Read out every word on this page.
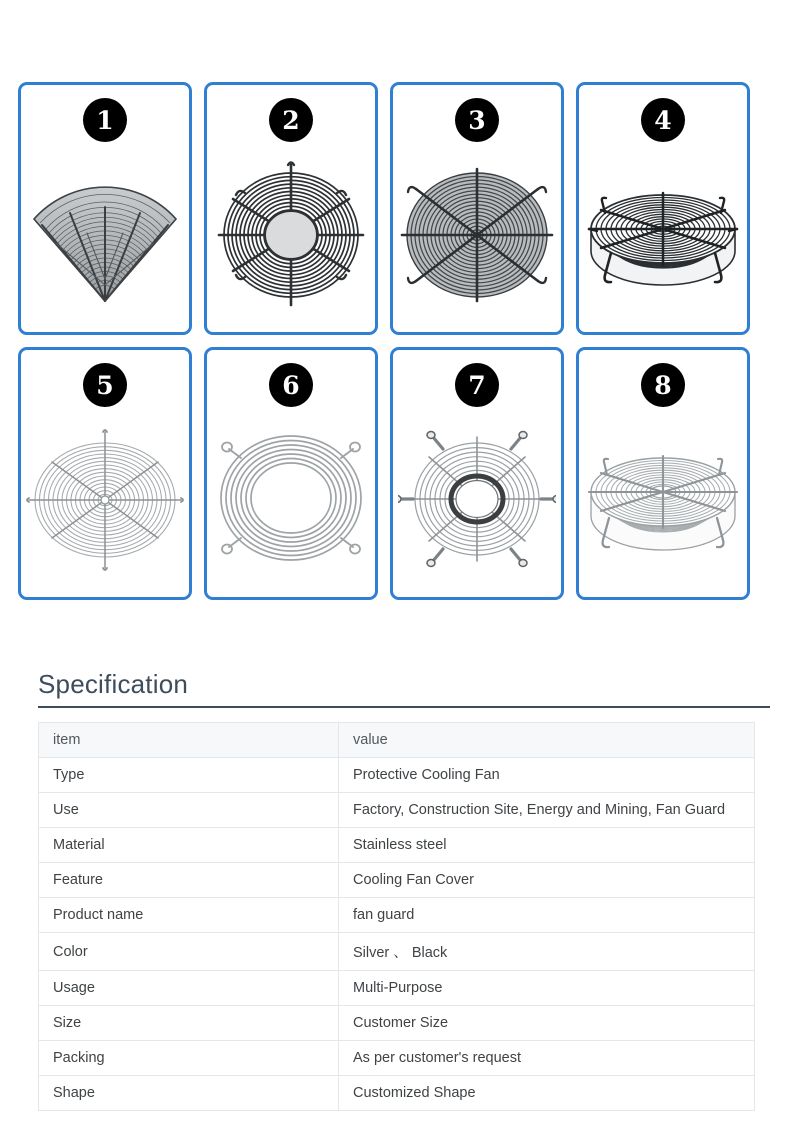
1	2	3	4
5	6	7	8
Specification
item	value
Type	Protective Cooling Fan
Use	Factory, Construction Site, Energy and Mining, Fan Guard
Material	Stainless steel
Feature	Cooling Fan Cover
Product name	fan guard
Color	Silver 、 Black
Usage	Multi-Purpose
Size	Customer Size
Packing	As per customer's request
Shape	Customized Shape
